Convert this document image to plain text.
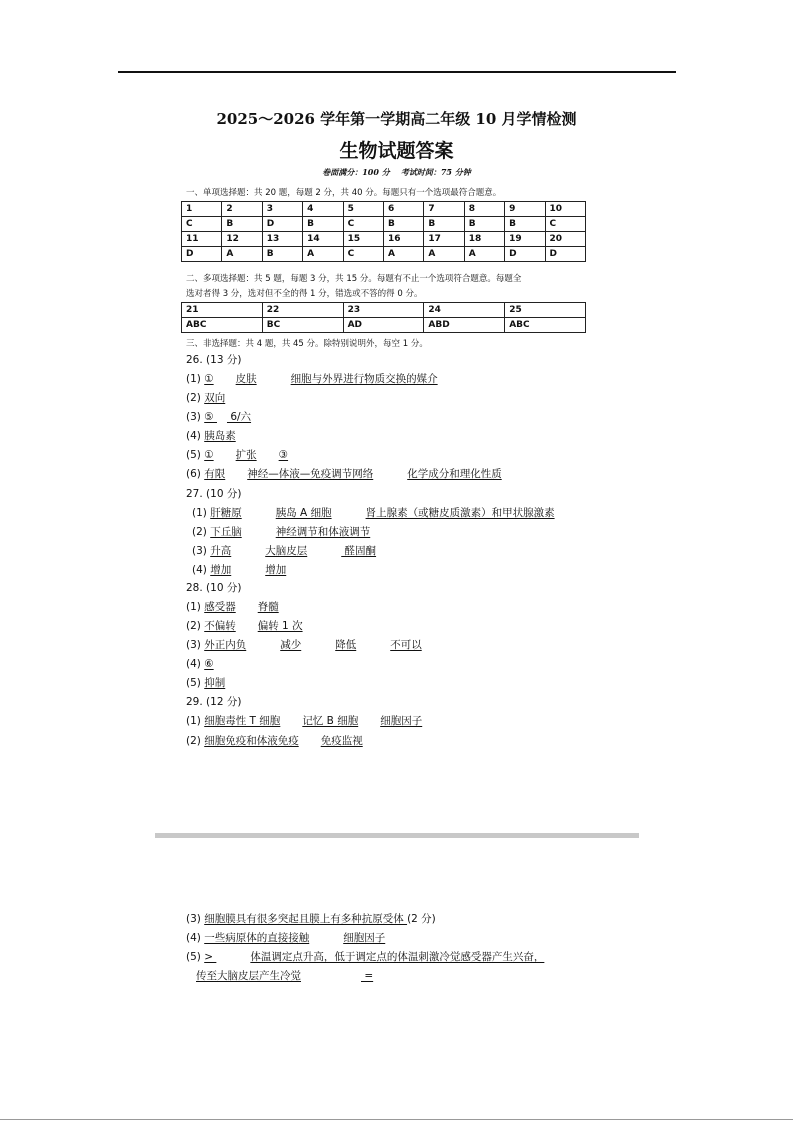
2025～2026 学年第一学期高二年级 10 月学情检测
生物试题答案
卷面满分：100 分    考试时间：75 分钟
一、单项选择题：共 20 题，每题 2 分，共 40 分。每题只有一个选项最符合题意。
1	2	3	4	5	6	7	8	9	10
C	B	D	B	C	B	B	B	B	C
11	12	13	14	15	16	17	18	19	20
D	A	B	A	C	A	A	A	D	D
二、多项选择题：共 5 题，每题 3 分，共 15 分。每题有不止一个选项符合题意。每题全
选对者得 3 分，选对但不全的得 1 分，错选或不答的得 0 分。
21	22	23	24	25
ABC	BC	AD	ABD	ABC
三、非选择题：共 4 题，共 45 分。除特别说明外，每空 1 分。
26. (13 分)
(1) ① 皮肤	细胞与外界进行物质交换的媒介
(2) 双向
(3) ⑤  6/六
(4) 胰岛素
(5) ① 扩张 ③
(6) 有限 神经—体液—免疫调节网络	化学成分和理化性质
27. (10 分)
(1) 肝糖原	胰岛 A 细胞	肾上腺素（或糖皮质激素）和甲状腺激素
(2) 下丘脑	神经调节和体液调节
(3) 升高	大脑皮层	醛固酮
(4) 增加	增加
28. (10 分)
(1) 感受器 脊髓
(2) 不偏转 偏转 1 次
(3) 外正内负	减少	降低	不可以
(4) ⑥
(5) 抑制
29. (12 分)
(1) 细胞毒性 T 细胞 记忆 B 细胞 细胞因子
(2) 细胞免疫和体液免疫 免疫监视
(3) 细胞膜具有很多突起且膜上有多种抗原受体 (2 分)
(4) 一些病原体的直接接触	细胞因子
(5) >	体温调定点升高，低于调定点的体温刺激冷觉感受器产生兴奋，
传至大脑皮层产生冷觉	=
